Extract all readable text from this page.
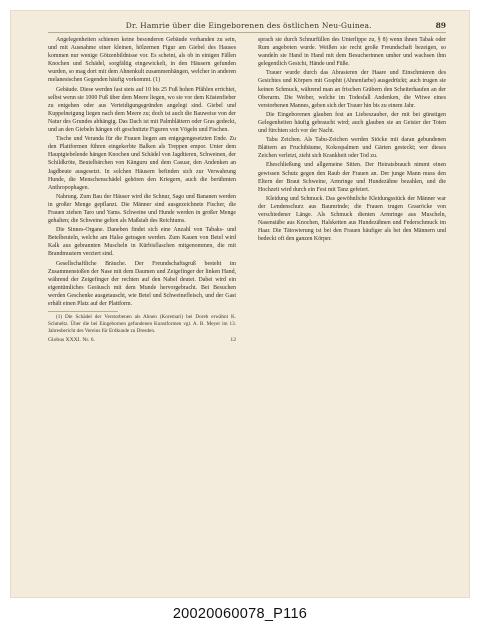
Dr. Hamrie über die Eingeborenen des östlichen Neu-Guinea.	89

Angelegenheiten schienen keine besonderen Gebäude vorhanden zu sein, und mit Ausnahme einer kleinen, hölzernen Figur am Giebel des Hauses kommen nur wenige Götzenbildnisse vor. Es scheint, als ob in einigen Fällen Knochen und Schädel, sorgfältig eingewickelt, in den Häusern gefunden wurden, so mag dort mit dem Ahnenkult zusammenhängen, welcher in anderen melanesischen Gegenden häufig vorkommt. (1)

Gebäude. Diese werden fast stets auf 10 bis 25 Fuß hohen Pfählen errichtet, selbst wenn sie 1000 Fuß über dem Meere liegen, wo sie vor dem Küstenfieber zu entgehen oder aus Verteidigungsgründen angelegt sind. Giebel und Kuppelneigung liegen nach dem Meere zu; doch ist auch die Bauweise von der Natur des Grundes abhängig. Das Dach ist mit Palmblättern oder Gras gedeckt, und an den Giebeln hängen oft geschnitzte Figuren von Vögeln und Fischen.

Tische und Veranda für die Frauen liegen am entgegengesetzten Ende. Zu den Plattformen führen eingekerbte Balken als Treppen empor. Unter dem Hauptgiebelende hängen Knochen und Schädel von Jagdtieren, Schweinen, der Schildkröte, Beutelbärchen von Känguru und dem Casuar, den Andenken an Jagdbeute ausgesetzt. In solchen Häusern befinden sich zur Verwahrung Hunde, die Menschenschädel gehören den Kriegern, auch die berühmten Anthropophagen.

Nahrung. Zum Bau der Häuser wird die Schnur, Sago und Bananen werden in großer Menge gepflanzt. Die Männer sind ausgezeichnete Fischer, die Frauen ziehen Taro und Yams. Schweine und Hunde werden in großer Menge gehalten; die Schweine gelten als Maßstab des Reichtums.

Die Sinnes-Organe. Daneben findet sich eine Anzahl von Tabaks- und Betelbeuteln, welche am Halse getragen werden. Zum Kauen von Betel wird Kalk aus gebrannten Muscheln in Kürbisflaschen mitgenommen, die mit Brandmustern verziert sind.

Gesellschaftliche Bräuche. Der Freundschaftsgruß besteht im Zusammenstoßen der Nase mit dem Daumen und Zeigefinger der linken Hand, während der Zeigefinger der rechten auf den Nabel deutet. Dabei wird ein eigentümliches Geräusch mit dem Munde hervorgebracht. Bei Besuchen werden Geschenke ausgetauscht, wie Betel und Schweinefleisch, und der Gast erhält einen Platz auf der Plattform.

(1) Die Schädel der Verstorbenen als Ahnen (Koremari) bei Doreh erwähnt K. Schmeltz. Über die bei Eingebornen gefundenen Kunstformen vgl. A. B. Meyer im 13. Jahresbericht des Vereins für Erdkunde zu Dresden.

Globus XXXI. Nr. 6.	12

sprach sie durch Schnurfüllen des Unterlippe zu, § 8) wenn ihnen Tabak oder Rum angeboten wurde. Weißen sie recht große Freundschaft bezeigen, so wandeln sie Hand in Hand mit dem Besucherinnen umher und wachsen ihm gelegentlich Gesicht, Hände und Füße.

Trauer wurde durch das Abrasieren der Haare und Einschmieren des Gesichtes und Körpers mit Graphit (Ahnenfarbe) ausgedrückt; auch trugen sie keinen Schmuck, während man an frischen Gräbern den Scheiterhaufen an der Oberarm. Die Weiber, welche im Todesfall Andenken, die Witwe eines verstorbenen Mannes, geben sich der Trauer hin bis zu einem Jahr.

Die Eingeborenen glauben fest an Liebeszauber, der mit bei günstigen Gelegenheiten häufig gebraucht wird; auch glauben sie an Geister der Toten und fürchten sich vor der Nacht.

Tabu Zeichen. Als Tabu-Zeichen werden Stöcke mit daran gebundenen Blättern an Fruchtbäume, Kokospalmen und Gärten gesteckt; wer dieses Zeichen verletzt, zieht sich Krankheit oder Tod zu.

Eheschließung und allgemeine Sitten. Der Heiratsbrauch nimmt einen gewissen Schutz gegen den Raub der Frauen an. Der junge Mann muss den Eltern der Braut Schweine, Armringe und Hundezähne bezahlen, und die Hochzeit wird durch ein Fest mit Tanz gefeiert.

Kleidung und Schmuck. Das gewöhnliche Kleidungsstück der Männer war der Lendenschurz aus Baumrinde; die Frauen trugen Grasröcke von verschiedener Länge. Als Schmuck dienten Armringe aus Muscheln, Nasenstäbe aus Knochen, Halsketten aus Hundezähnen und Federschmuck im Haar. Die Tätowierung ist bei den Frauen häufiger als bei den Männern und bedeckt oft den ganzen Körper.

20020060078_P116
